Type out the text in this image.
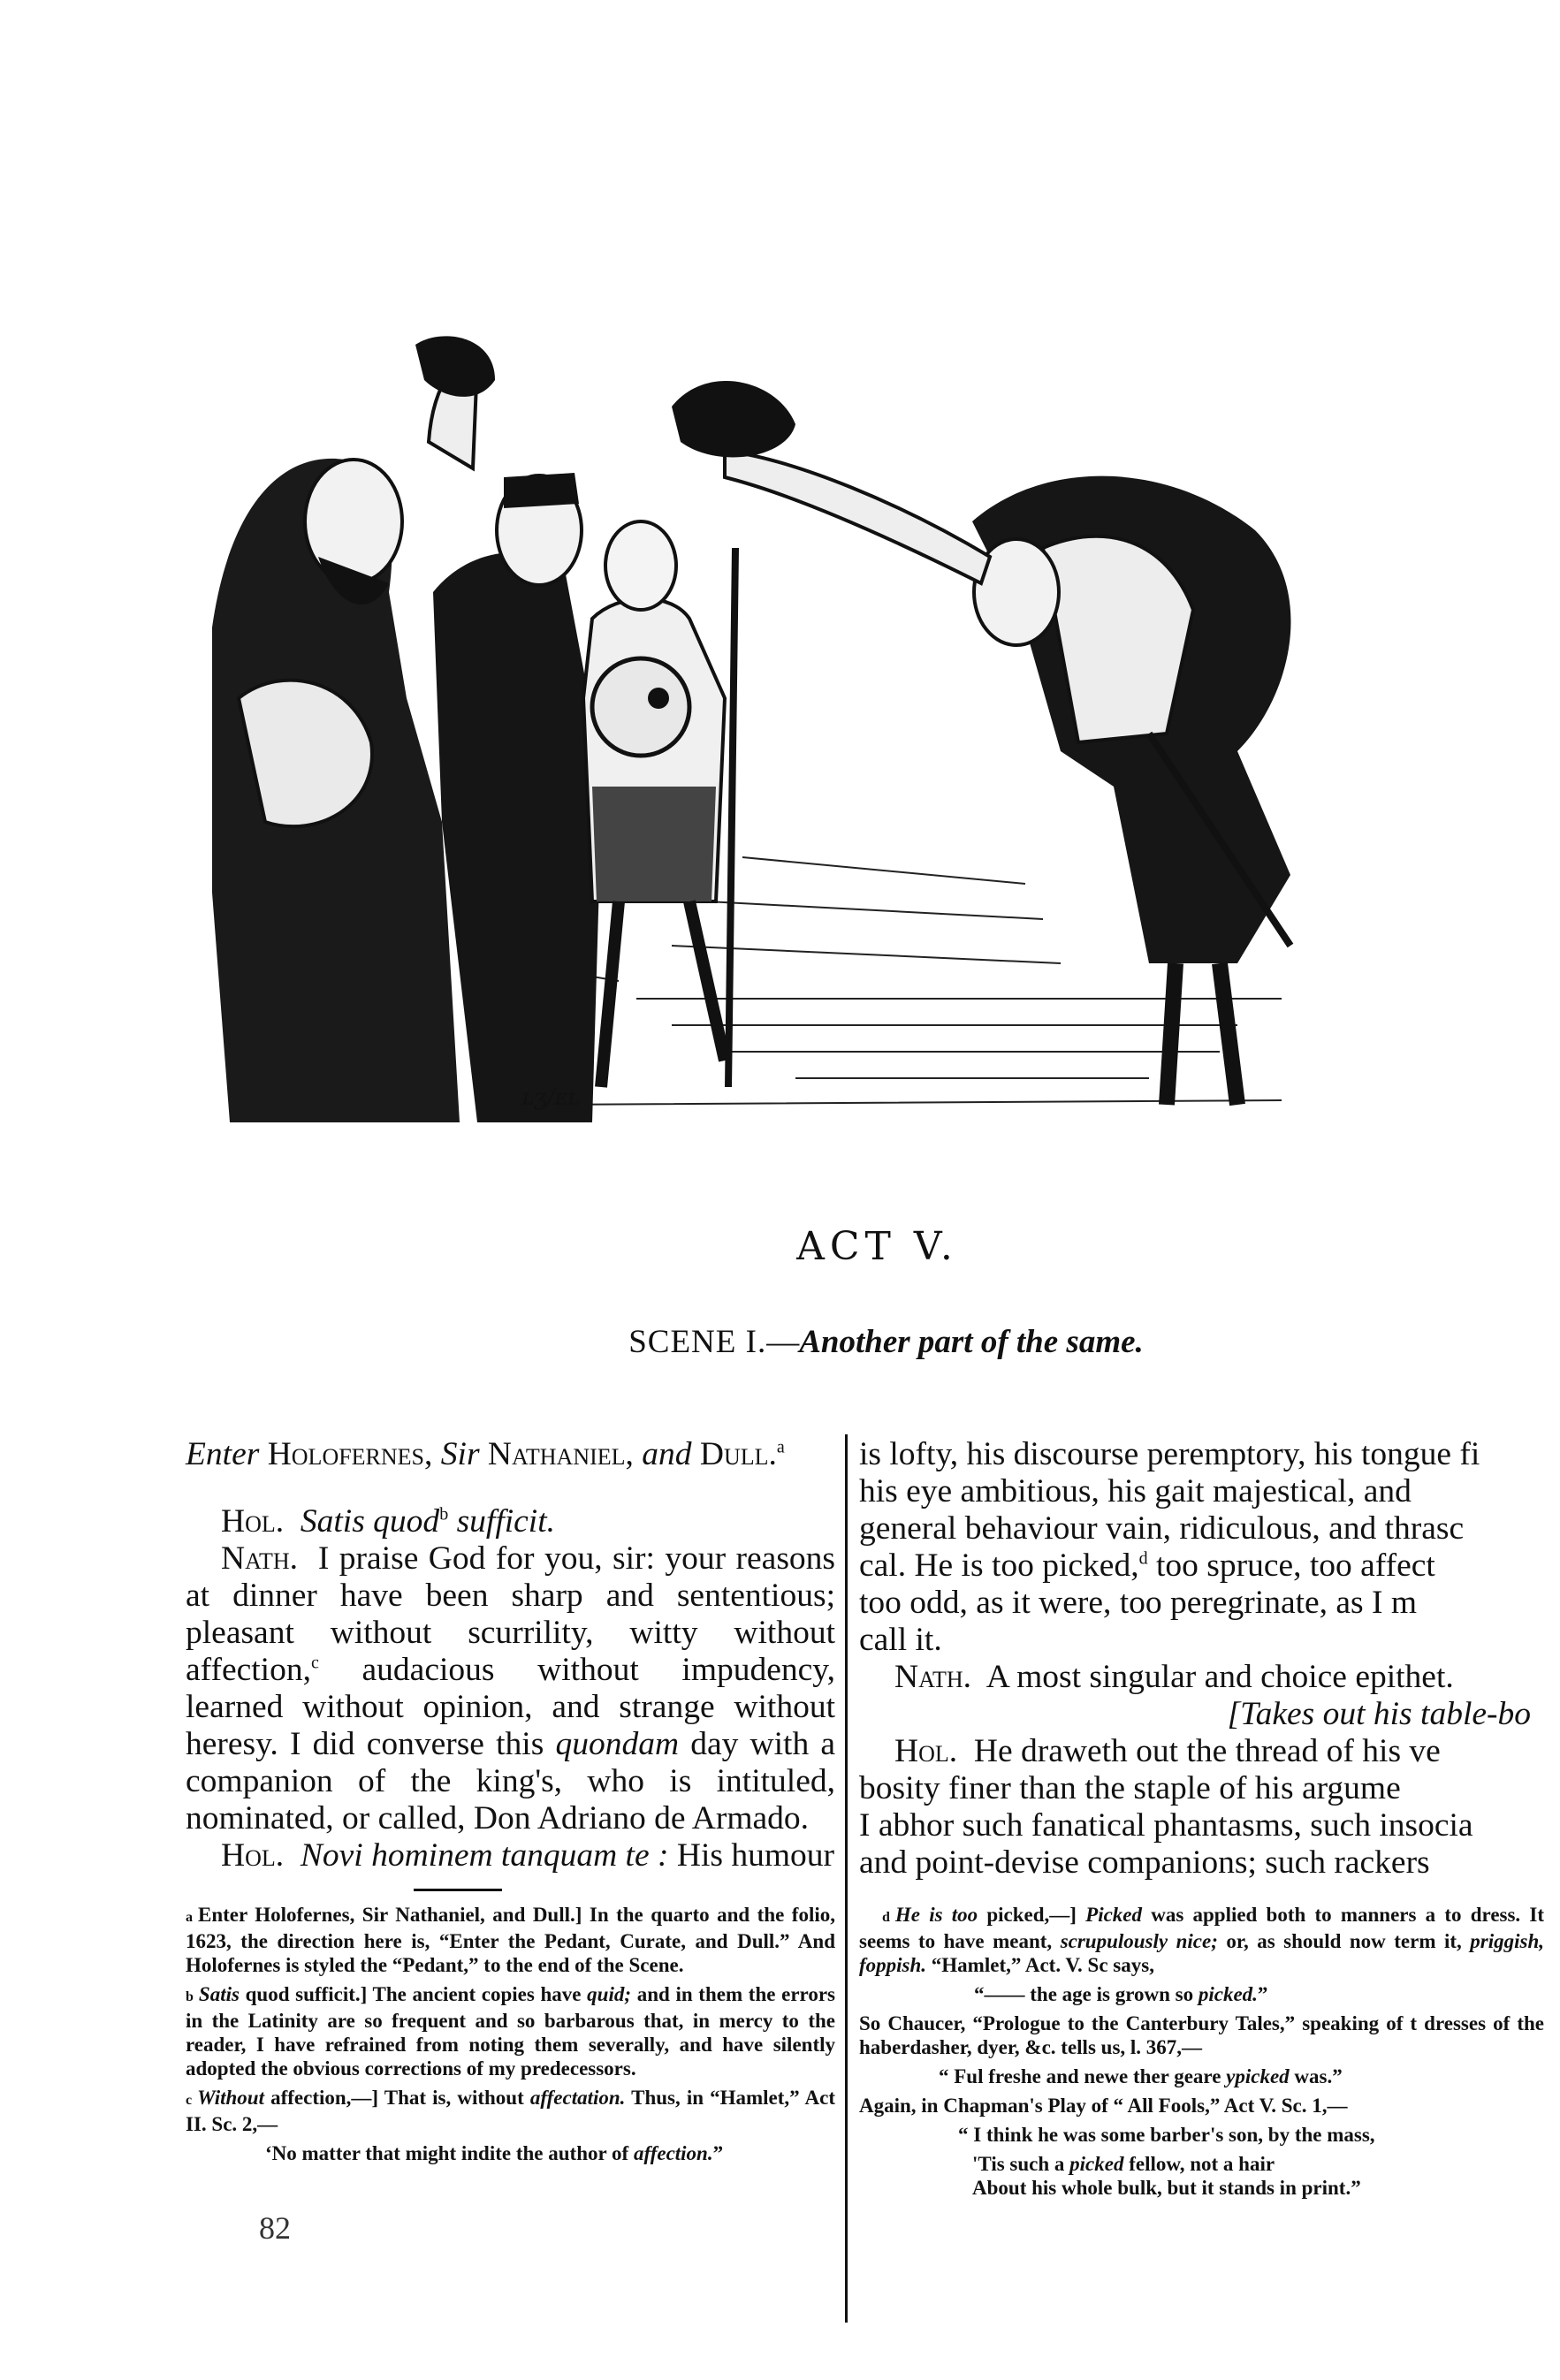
ʟ͏ʒ/ᴇʟ
ACT V.
SCENE I.—Another part of the same.

Enter Holofernes, Sir Nathaniel, and Dull.$^a$

Hol. Satis quod$^b$ sufficit.

Nath. I praise God for you, sir: your reasons at dinner have been sharp and sententious; pleasant without scurrility, witty without affection,$^c$ audacious without impudency, learned without opinion, and strange without heresy. I did converse this quondam day with a companion of the king's, who is intituled, nominated, or called, Don Adriano de Armado.

Hol. Novi hominem tanquam te : His humour

is lofty, his discourse peremptory, his tongue fi

his eye ambitious, his gait majestical, and

general behaviour vain, ridiculous, and thrasc

cal. He is too picked,$^d$ too spruce, too affect

too odd, as it were, too peregrinate, as I m

call it.

Nath. A most singular and choice epithet.

[Takes out his table-bo

Hol. He draweth out the thread of his ve

bosity finer than the staple of his argume

I abhor such fanatical phantasms, such insocia

and point-devise companions; such rackers

a Enter Holofernes, Sir Nathaniel, and Dull.] In the quarto and the folio, 1623, the direction here is, “Enter the Pedant, Curate, and Dull.” And Holofernes is styled the “Pedant,” to the end of the Scene.

b Satis quod sufficit.] The ancient copies have quid; and in them the errors in the Latinity are so frequent and so barbarous that, in mercy to the reader, I have refrained from noting them severally, and have silently adopted the obvious corrections of my predecessors.

c Without affection,—] That is, without affectation. Thus, in “Hamlet,” Act II. Sc. 2,—

‘No matter that might indite the author of affection.”

82

d He is too picked,—] Picked was applied both to manners a to dress. It seems to have meant, scrupulously nice; or, as should now term it, priggish, foppish. “Hamlet,” Act. V. Sc says,

“—— the age is grown so picked.”

So Chaucer, “Prologue to the Canterbury Tales,” speaking of t dresses of the haberdasher, dyer, &c. tells us, l. 367,—

“ Ful freshe and newe ther geare ypicked was.”

Again, in Chapman's Play of “ All Fools,” Act V. Sc. 1,—

“ I think he was some barber's son, by the mass,

'Tis such a picked fellow, not a hair

About his whole bulk, but it stands in print.”
